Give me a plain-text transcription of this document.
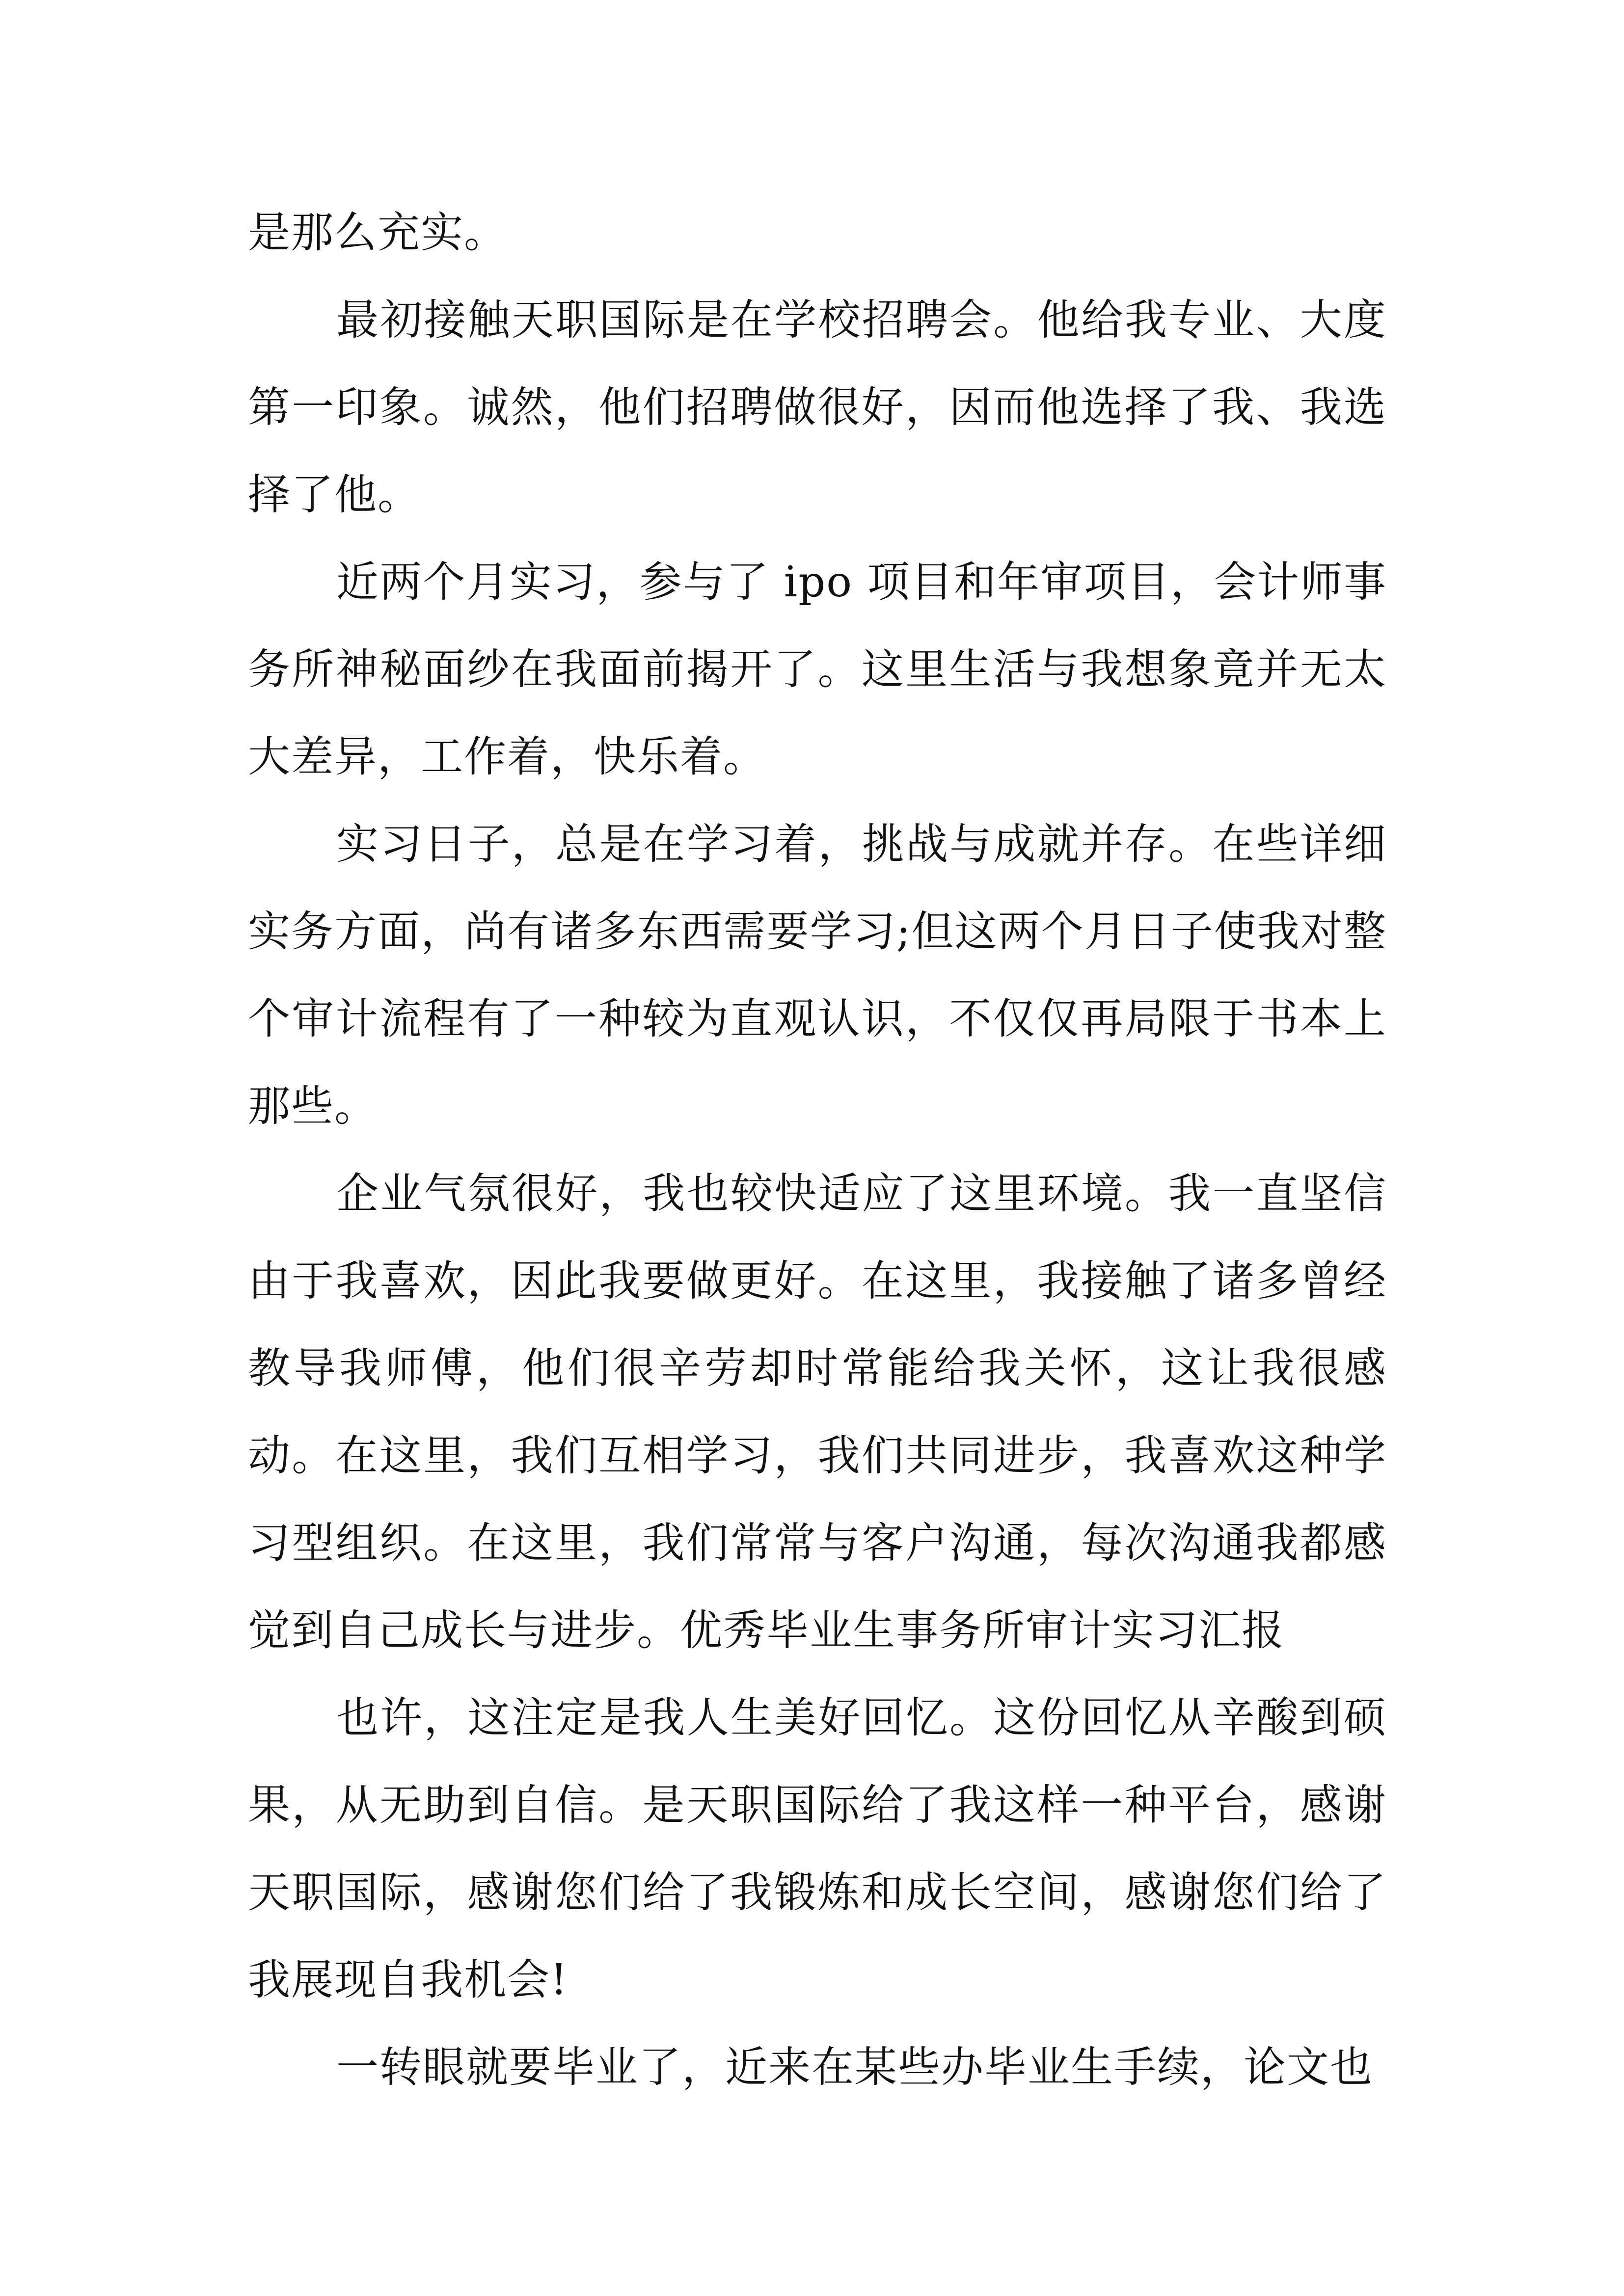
是那么充实。

最初接触天职国际是在学校招聘会。他给我专业、大度第一印象。诚然，他们招聘做很好，因而他选择了我、我选择了他。

近两个月实习，参与了 ipo 项目和年审项目，会计师事务所神秘面纱在我面前揭开了。这里生活与我想象竟并无太大差异，工作着，快乐着。

实习日子，总是在学习着，挑战与成就并存。在些详细实务方面，尚有诸多东西需要学习;但这两个月日子使我对整个审计流程有了一种较为直观认识，不仅仅再局限于书本上那些。

企业气氛很好，我也较快适应了这里环境。我一直坚信由于我喜欢，因此我要做更好。在这里，我接触了诸多曾经教导我师傅，他们很辛劳却时常能给我关怀，这让我很感动。在这里，我们互相学习，我们共同进步，我喜欢这种学习型组织。在这里，我们常常与客户沟通，每次沟通我都感觉到自己成长与进步。优秀毕业生事务所审计实习汇报

也许，这注定是我人生美好回忆。这份回忆从辛酸到硕果，从无助到自信。是天职国际给了我这样一种平台，感谢天职国际，感谢您们给了我锻炼和成长空间，感谢您们给了我展现自我机会!

一转眼就要毕业了，近来在某些办毕业生手续，论文也
